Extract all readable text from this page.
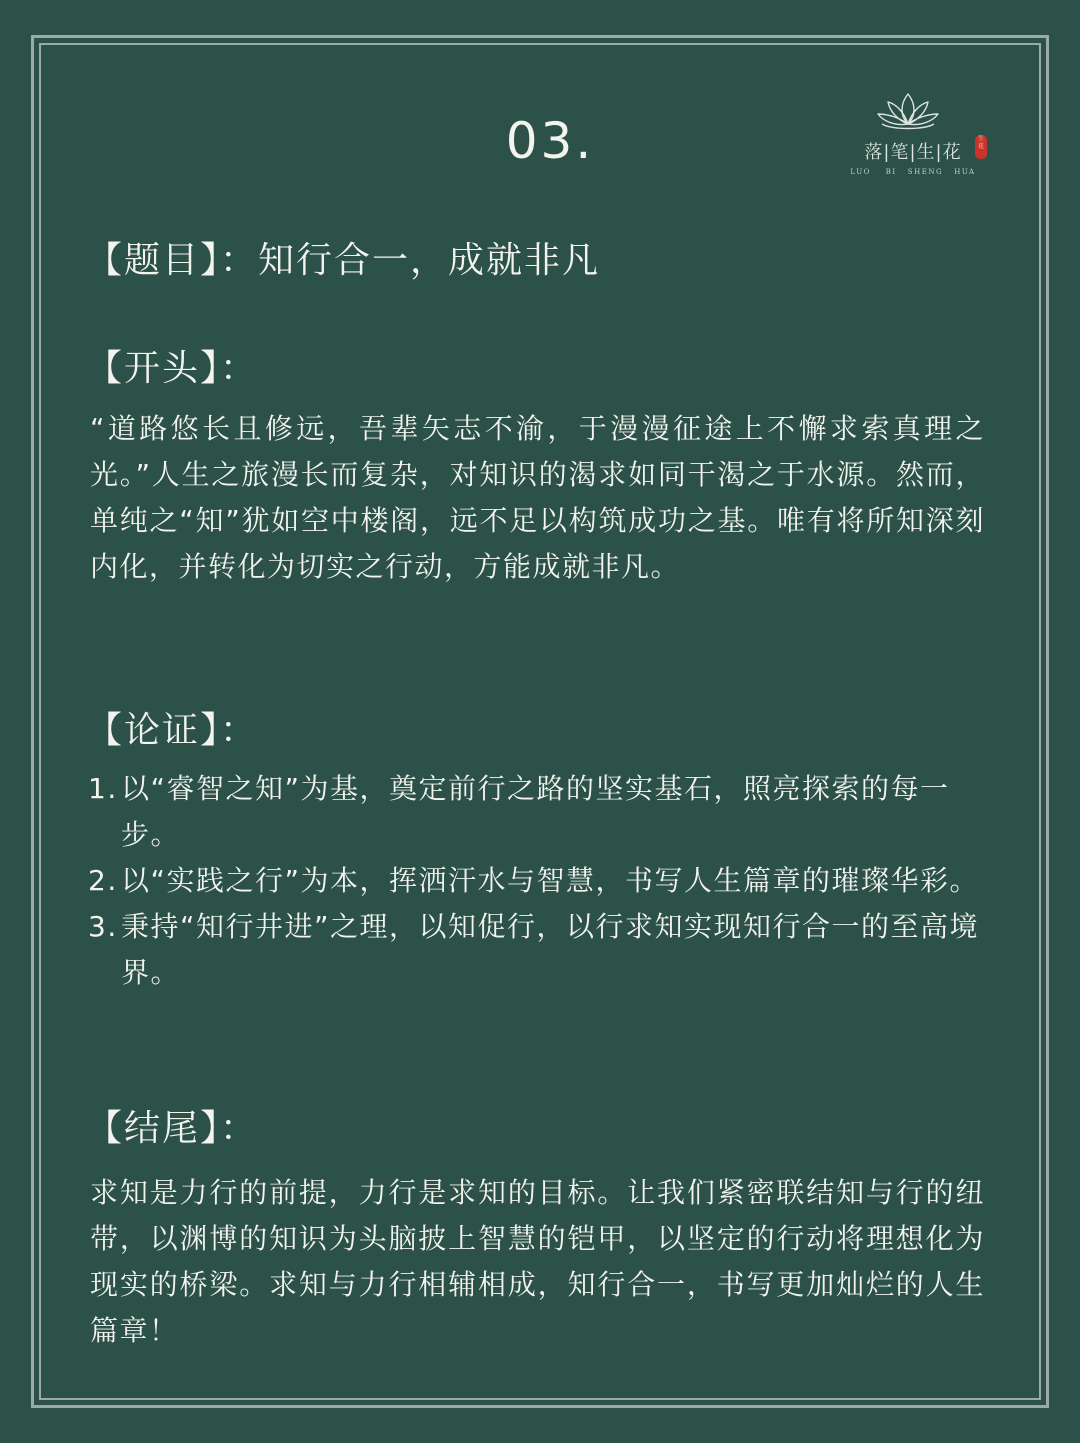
03.	落|笔|生|花
生 花
LUO    BI   SHENG   HUA
【题目】：知行合一，成就非凡
【开头】：
“道路悠长且修远，吾辈矢志不渝，于漫漫征途上不懈求索真理之光。”人生之旅漫长而复杂，对知识的渴求如同干渴之于水源。然而，单纯之“知”犹如空中楼阁，远不足以构筑成功之基。唯有将所知深刻内化，并转化为切实之行动，方能成就非凡。
【论证】：
1. 以“睿智之知”为基，奠定前行之路的坚实基石，照亮探索的每一步。
2. 以“实践之行”为本，挥洒汗水与智慧，书写人生篇章的璀璨华彩。
3. 秉持“知行井进”之理，以知促行，以行求知实现知行合一的至高境界。
【结尾】：
求知是力行的前提，力行是求知的目标。让我们紧密联结知与行的纽带，以渊博的知识为头脑披上智慧的铠甲，以坚定的行动将理想化为现实的桥梁。求知与力行相辅相成，知行合一，书写更加灿烂的人生篇章！
